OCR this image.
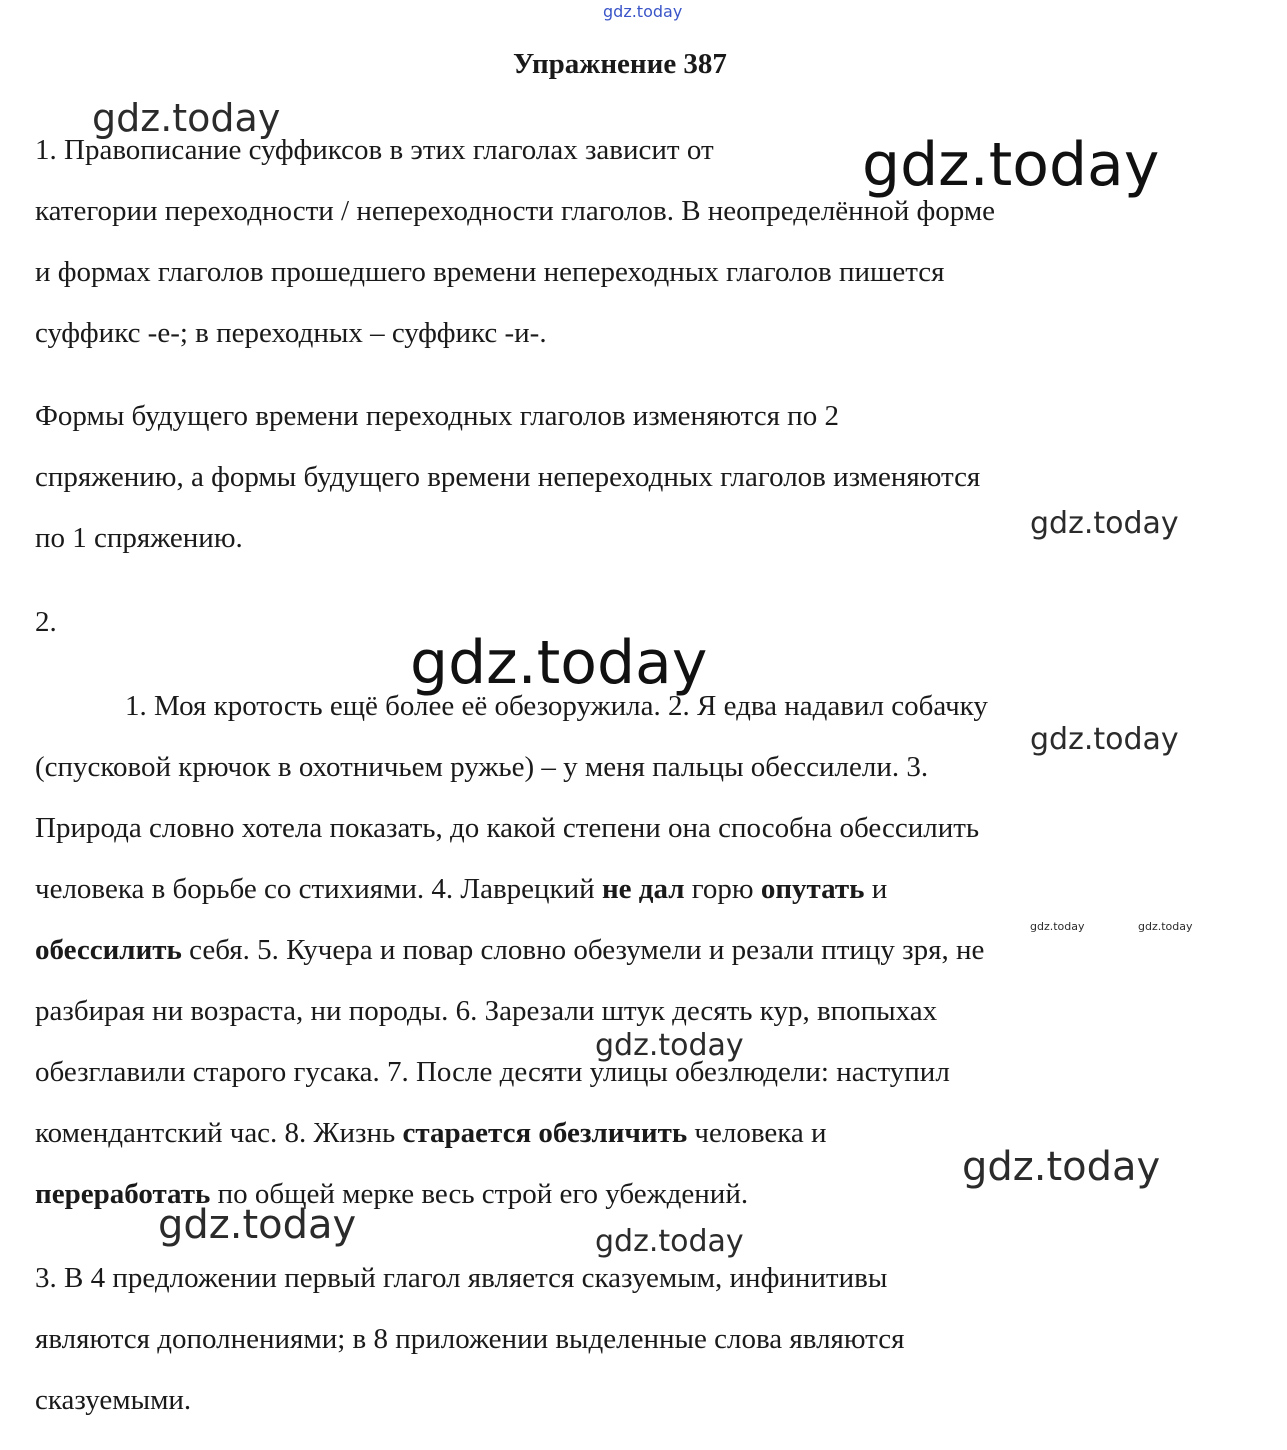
gdz.today
Упражнение 387

1. Правописание суффиксов в этих глаголах зависит от
категории переходности / непереходности глаголов. В неопределённой форме
и формах глаголов прошедшего времени непереходных глаголов пишется
суффикс -е-; в переходных – суффикс -и-.

Формы будущего времени переходных глаголов изменяются по 2
спряжению, а формы будущего времени непереходных глаголов изменяются
по 1 спряжению.

2.

1. Моя кротость ещё более её обезоружила. 2. Я едва надавил собачку
(спусковой крючок в охотничьем ружье) – у меня пальцы обессилели. 3.
Природа словно хотела показать, до какой степени она способна обессилить
человека в борьбе со стихиями. 4. Лаврецкий не дал горю опутать и
обессилить себя. 5. Кучера и повар словно обезумели и резали птицу зря, не
разбирая ни возраста, ни породы. 6. Зарезали штук десять кур, впопыхах
обезглавили старого гусака. 7. После десяти улицы обезлюдели: наступил
комендантский час. 8. Жизнь старается обезличить человека и
переработать по общей мерке весь строй его убеждений.

3. В 4 предложении первый глагол является сказуемым, инфинитивы
являются дополнениями; в 8 приложении выделенные слова являются
сказуемыми.

gdz.today
gdz.today
gdz.today
gdz.today
gdz.today
gdz.today	gdz.today
gdz.today
gdz.today
gdz.today	gdz.today
